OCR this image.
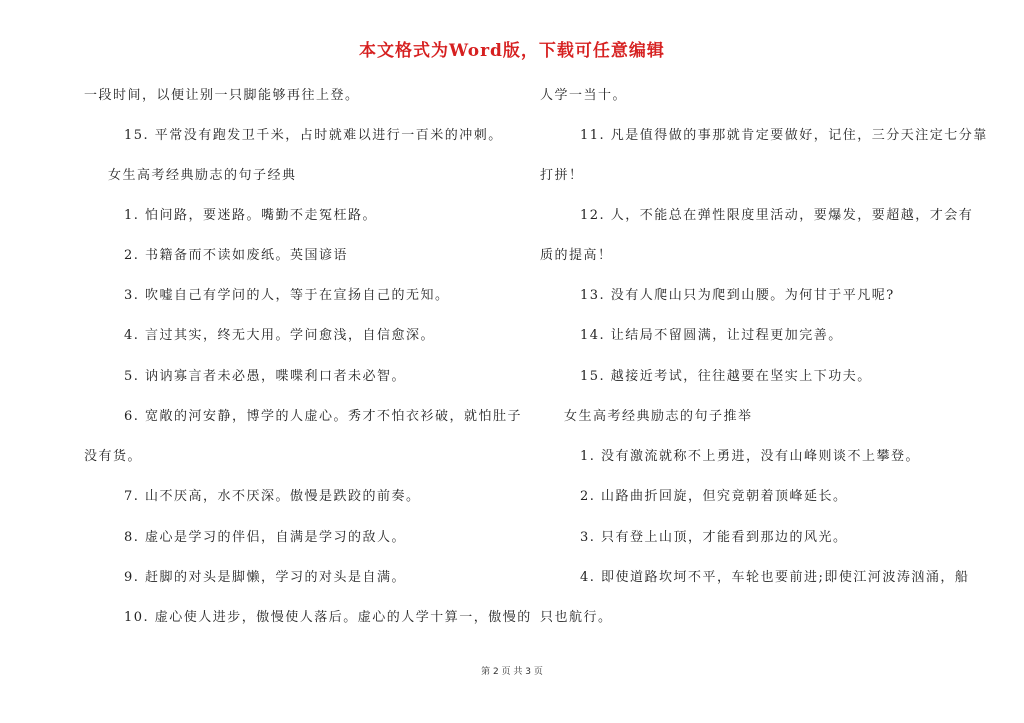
本文格式为Word版，下载可任意编辑
一段时间，以便让别一只脚能够再往上登。
15. 平常没有跑发卫千米，占时就难以进行一百米的冲刺。
女生高考经典励志的句子经典
1. 怕问路，要迷路。嘴勤不走冤枉路。
2. 书籍备而不读如废纸。英国谚语
3. 吹嘘自己有学问的人，等于在宣扬自己的无知。
4. 言过其实，终无大用。学问愈浅，自信愈深。
5. 讷讷寡言者未必愚，喋喋利口者未必智。
6. 宽敞的河安静，博学的人虚心。秀才不怕衣衫破，就怕肚子
没有货。
7. 山不厌高，水不厌深。傲慢是跌跤的前奏。
8. 虚心是学习的伴侣，自满是学习的敌人。
9. 赶脚的对头是脚懒，学习的对头是自满。
10. 虚心使人进步，傲慢使人落后。虚心的人学十算一，傲慢的
人学一当十。
11. 凡是值得做的事那就肯定要做好，记住，三分天注定七分靠
打拼！
12. 人，不能总在弹性限度里活动，要爆发，要超越，才会有
质的提高！
13. 没有人爬山只为爬到山腰。为何甘于平凡呢?
14. 让结局不留圆满，让过程更加完善。
15. 越接近考试，往往越要在坚实上下功夫。
女生高考经典励志的句子推举
1. 没有激流就称不上勇进，没有山峰则谈不上攀登。
2. 山路曲折回旋，但究竟朝着顶峰延长。
3. 只有登上山顶，才能看到那边的风光。
4. 即使道路坎坷不平，车轮也要前进;即使江河波涛汹涌，船
只也航行。
第 2 页 共 3 页
